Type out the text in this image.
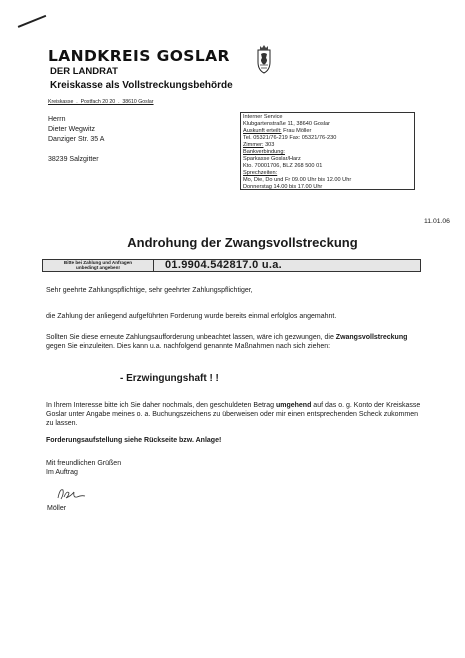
LANDKREIS GOSLAR
DER LANDRAT
Kreiskasse als Vollstreckungsbehörde
Kreiskasse  .  Postfach 20 20  .  38610 Goslar
Herrn
Dieter Wegwitz
Danziger Str. 35 A

38239 Salzgitter
Interner Service
Klubgartenstraße 11, 38640 Goslar
Auskunft erteilt: Frau Möller
Tel. 05321/76-219 Fax: 05321/76-230
Zimmer: 303
Bankverbindung:
Sparkasse Goslar/Harz
Kto. 70001706, BLZ 268 500 01
Sprechzeiten:
Mo, Die, Do und Fr 09.00 Uhr bis 12.00 Uhr
Donnerstag 14.00 bis 17.00 Uhr
11.01.06
Androhung der Zwangsvollstreckung
Bitte bei Zahlung und Anfragen
unbedingt angeben!	01.9904.542817.0 u.a.
Sehr geehrte Zahlungspflichtige, sehr geehrter Zahlungspflichtiger,
die Zahlung der anliegend aufgeführten Forderung wurde bereits einmal erfolglos angemahnt.
Sollten Sie diese erneute Zahlungsaufforderung unbeachtet lassen, wäre ich gezwungen, die Zwangsvollstreckung gegen Sie einzuleiten. Dies kann u.a. nachfolgend genannte Maßnahmen nach sich ziehen:
- Erzwingungshaft ! !
In Ihrem Interesse bitte ich Sie daher nochmals, den geschuldeten Betrag umgehend auf das o. g. Konto der Kreiskasse Goslar unter Angabe meines o. a. Buchungszeichens zu überweisen oder mir einen entsprechenden Scheck zukommen zu lassen.
Forderungsaufstellung siehe Rückseite bzw. Anlage!
Mit freundlichen Grüßen
Im Auftrag
Möller
